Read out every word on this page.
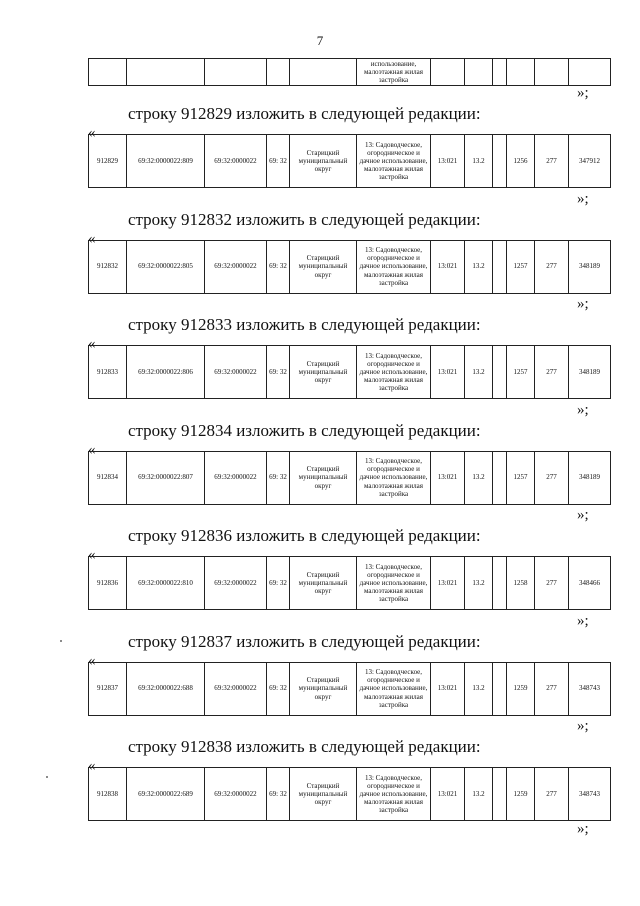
7
					использование, малоэтажная жилая застройка						
»;
строку 912829 изложить в следующей редакции:
«
912829	69:32:0000022:809	69:32:0000022	69: 32	Старицкий муниципальный округ	13: Садоводческое, огородническое и дачное использование, малоэтажная жилая застройка	13:021	13.2		1256	277	347912
»;
строку 912832 изложить в следующей редакции:
«
912832	69:32:0000022:805	69:32:0000022	69: 32	Старицкий муниципальный округ	13: Садоводческое, огородническое и дачное использование, малоэтажная жилая застройка	13:021	13.2		1257	277	348189
»;
строку 912833 изложить в следующей редакции:
«
912833	69:32:0000022:806	69:32:0000022	69: 32	Старицкий муниципальный округ	13: Садоводческое, огородническое и дачное использование, малоэтажная жилая застройка	13:021	13.2		1257	277	348189
»;
строку 912834 изложить в следующей редакции:
«
912834	69:32:0000022:807	69:32:0000022	69: 32	Старицкий муниципальный округ	13: Садоводческое, огородническое и дачное использование, малоэтажная жилая застройка	13:021	13.2		1257	277	348189
»;
строку 912836 изложить в следующей редакции:
«
912836	69:32:0000022:810	69:32:0000022	69: 32	Старицкий муниципальный округ	13: Садоводческое, огородническое и дачное использование, малоэтажная жилая застройка	13:021	13.2		1258	277	348466
»;
строку 912837 изложить в следующей редакции:
«
912837	69:32:0000022:688	69:32:0000022	69: 32	Старицкий муниципальный округ	13: Садоводческое, огородническое и дачное использование, малоэтажная жилая застройка	13:021	13.2		1259	277	348743
»;
строку 912838 изложить в следующей редакции:
«
912838	69:32:0000022:689	69:32:0000022	69: 32	Старицкий муниципальный округ	13: Садоводческое, огородническое и дачное использование, малоэтажная жилая застройка	13:021	13.2		1259	277	348743
»;
